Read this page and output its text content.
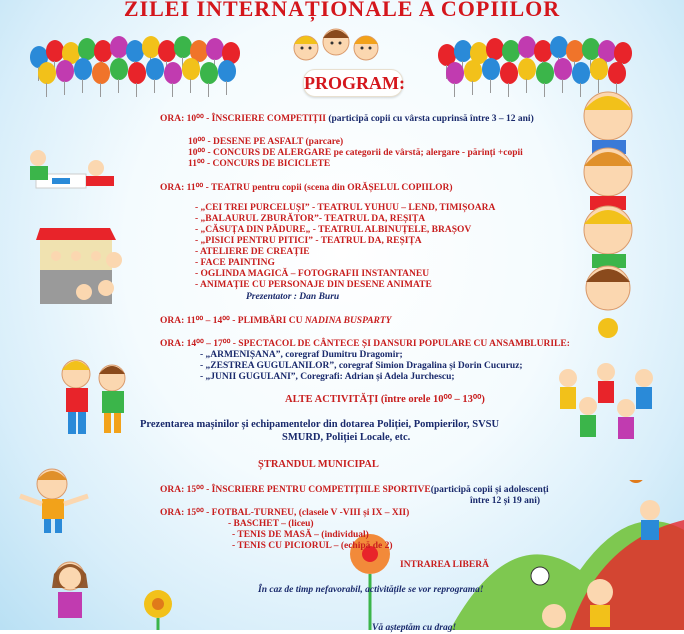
ZILEI INTERNAȚIONALE A COPIILOR
PROGRAM:
ORA: 10⁰⁰ - ÎNSCRIERE COMPETIȚII (participă copii cu vârsta cuprinsă între 3 – 12 ani)
10⁰⁰ - DESENE PE ASFALT (parcare)
10⁰⁰ - CONCURS DE ALERGARE pe categorii de vârstă; alergare - părinți +copii
11⁰⁰ - CONCURS DE BICICLETE
ORA: 11⁰⁰ - TEATRU pentru copii (scena din ORĂȘELUL COPIILOR)
- „CEI TREI PURCELUȘI” - TEATRUL YUHUU – LEND, TIMIȘOARA
- „BALAURUL ZBURĂTOR”- TEATRUL DA, REȘIȚA
- „CĂSUȚA DIN PĂDURE„ - TEATRUL ALBINUȚELE, BRAȘOV
- „PISICI PENTRU PITICI” - TEATRUL DA, REȘIȚA
- ATELIERE DE CREAȚIE
- FACE PAINTING
- OGLINDA MAGICĂ – FOTOGRAFII INSTANTANEU
- ANIMAȚIE CU PERSONAJE DIN DESENE ANIMATE
Prezentator : Dan Buru
ORA: 11⁰⁰ – 14⁰⁰ - PLIMBĂRI CU NADINA BUSPARTY
ORA: 14⁰⁰ – 17⁰⁰ - SPECTACOL DE CÂNTECE ȘI DANSURI POPULARE CU ANSAMBLURILE:
- „ARMENIȘANA”, coregraf Dumitru Dragomir;
- „ZESTREA GUGULANILOR”, coregraf Simion Dragalina și Dorin Cucuruz;
- „JUNII GUGULANI”, Coregrafi: Adrian și Adela Jurchescu;
ALTE ACTIVITĂȚI (între orele 10⁰⁰ – 13⁰⁰)
Prezentarea mașinilor și echipamentelor din dotarea Poliției, Pompierilor, SVSU
SMURD, Poliției Locale, etc.
ȘTRANDUL MUNICIPAL
ORA: 15⁰⁰ - ÎNSCRIERE PENTRU COMPETIȚIILE SPORTIVE(participă copii și adolescenți
între 12 și 19 ani)
ORA: 15⁰⁰ - FOTBAL-TURNEU, (clasele V -VIII și IX – XII)
- BASCHET – (liceu)
- TENIS DE MASĂ – (individual)
- TENIS CU PICIORUL – (echipă de 2)
INTRAREA LIBERĂ
În caz de timp nefavorabil, activitățile se vor reprograma!
Vă așteptăm cu drag!
